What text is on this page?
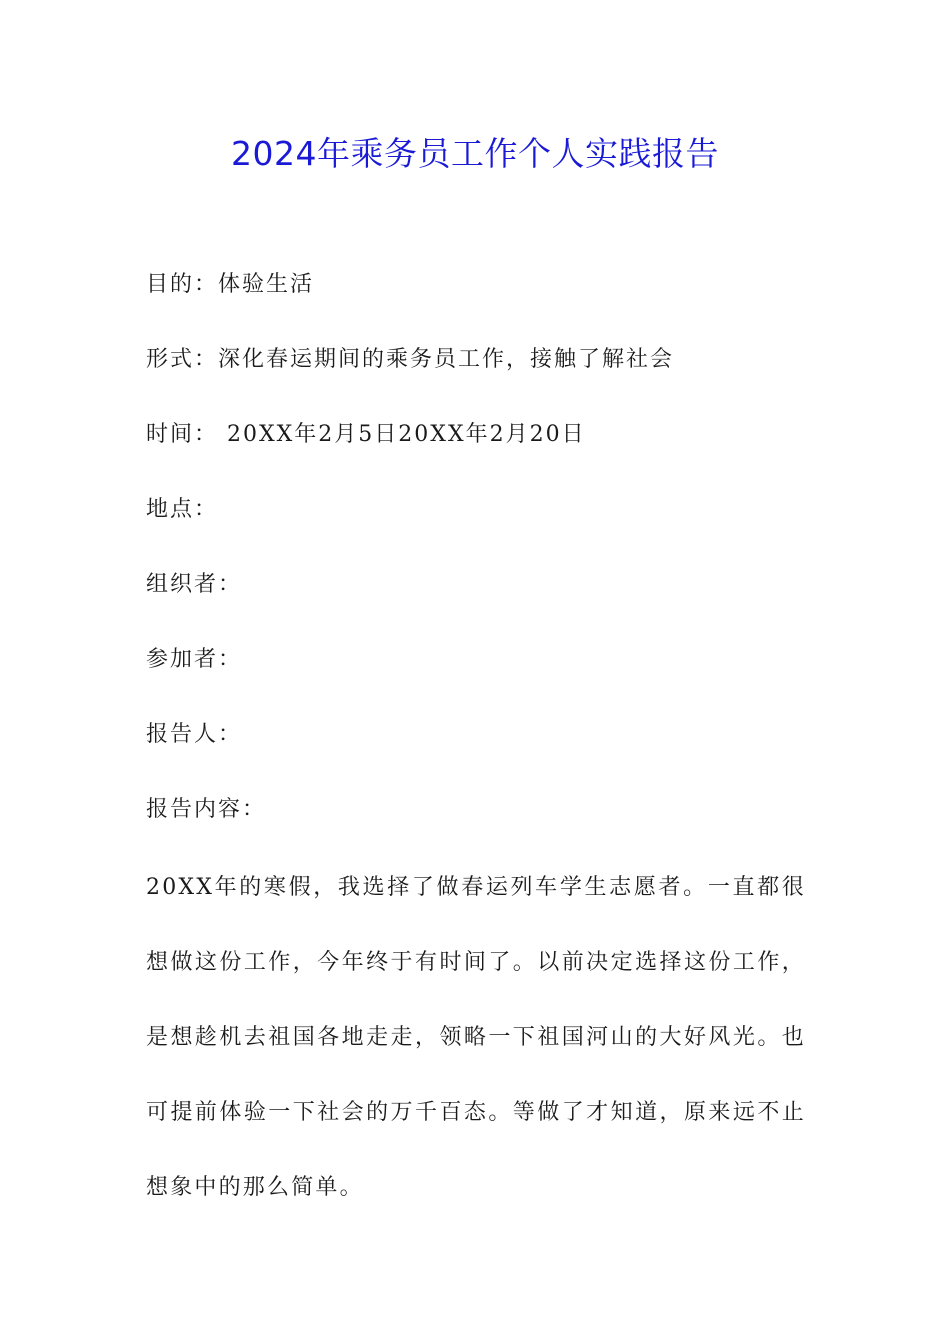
2024年乘务员工作个人实践报告

目的：体验生活

形式：深化春运期间的乘务员工作，接触了解社会

时间： 20XX年2月5日20XX年2月20日

地点：

组织者：

参加者：

报告人：

报告内容：

20XX年的寒假，我选择了做春运列车学生志愿者。一直都很想做这份工作，今年终于有时间了。以前决定选择这份工作，是想趁机去祖国各地走走，领略一下祖国河山的大好风光。也可提前体验一下社会的万千百态。等做了才知道，原来远不止想象中的那么简单。
